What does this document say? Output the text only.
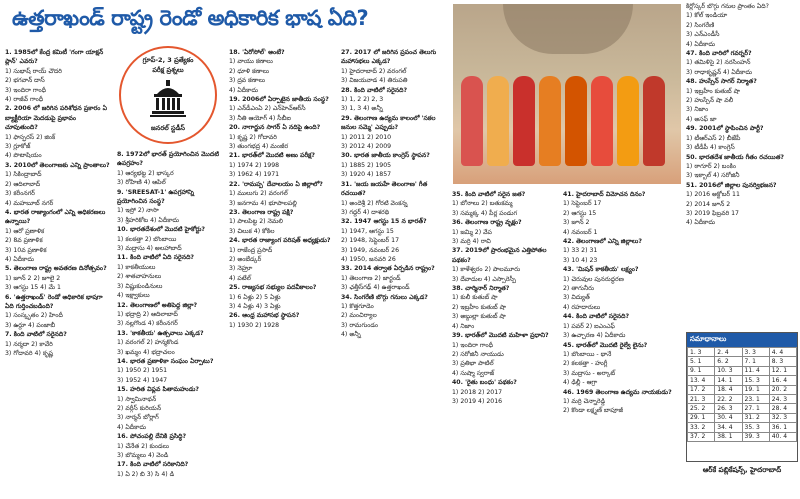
ఉత్తరాఖండ్ రాష్ట్ర రెండో అధికారిక భాష ఏది?

1. 1985లో కేంద్ర కమిటీ 'గంగా యాక్షన్ ప్లాన్' ఎవరు?

1) సుభాష్ రాయ్ చౌదరి

2) భగవాన్ దాస్

3) ఇందిరా గాంధీ

4) రాజీవ్ గాంధీ

2. 2006 లో జరిగిన పరిశోధన ప్రకారం ఏ బ్యాక్టీరియా మెదడుపై ప్రభావం చూపుతుంది?

1) ఫాస్ఫరస్ 2) జింక్

3) గ్లూకోజ్

4) పొటాషియం

3. 2010లో తెలంగాణకు ఎన్ని ప్రాంతాలు?

1) సికింద్రాబాద్

2) ఆదిలాబాద్

3) కరీంనగర్

4) మహబూబ్ నగర్

4. భారత రాజ్యాంగంలో ఎన్ని అధికరణలు ఉన్నాయి?

1) ఆరో ప్రణాళిక

2) 8వ ప్రణాళిక

3) 10వ ప్రణాళిక

4) ఏదీకాదు

5. తెలంగాణ రాష్ట్ర అవతరణ దినోత్సవం?

1) జూన్ 2 2) జూలై 2

3) ఆగస్టు 15 4) మే 1

6. 'ఉత్తరాఖండ్' రెండో అధికారిక భాషగా ఏది గుర్తించబడింది?

1) సంస్కృతం 2) హిందీ

3) ఉర్దూ 4) పంజాబీ

7. కింది వాటిలో సరైనది?

1) నర్మదా 2) కావేరి

3) గోదావరి 4) కృష్ణ

8. 1972లో భారత్ ప్రయోగించిన మొదటి ఉపగ్రహం?

1) ఆర్యభట్ట 2) భాస్కర

3) రోహిణి 4) ఆపిల్

9. 'SREESAT-1' ఉపగ్రహాన్ని ప్రయోగించిన సంస్థ?

1) ఇస్రో 2) నాసా

3) శ్రీహరికోట 4) ఏదీకాదు

10. భారతదేశంలో మొదటి హైకోర్టు?

1) కలకత్తా 2) బొంబాయి

3) మద్రాసు 4) అలహాబాద్

11. కింది వాటిలో ఏది సరైనది?

1) కాకతీయులు

2) శాతవాహనులు

3) విష్ణుకుండినులు

4) ఇక్ష్వాకులు

12. తెలంగాణలో అతిపెద్ద జిల్లా?

1) భద్రాద్రి 2) ఆదిలాబాద్

3) నల్లగొండ 4) కరీంనగర్

13. 'కాకతీయ' ఉత్సవాలు ఎక్కడ?

1) వరంగల్ 2) హన్మకొండ

3) ఖమ్మం 4) భద్రాచలం

14. భారత ప్రణాళికా సంఘం ఏర్పాటు?

1) 1950 2) 1951

3) 1952 4) 1947

15. హరిత విప్లవ పితామహుడు?

1) స్వామినాథన్

2) వర్గీస్ కురియన్

3) నార్మన్ బోర్లాగ్

4) ఏదీకాదు

16. పోచంపల్లి దేనికి ప్రసిద్ధి?

1) చేనేత 2) కుండలు

3) బొమ్మలు 4) వెండి

17. కింది వాటిలో సరికానిది?

1) ఏ 2) బి 3) సి 4) డి

18. 'ఏరోసోల్' అంటే?

1) వాయు కణాలు

2) ధూళి కణాలు

3) ద్రవ కణాలు

4) ఏదీకాదు

19. 2006లో ఏర్పాటైన జాతీయ సంస్థ?

1) ఎన్‌డీఎంఏ 2) ఎన్‌హెచ్‌ఆర్‌సీ

3) నీతి ఆయోగ్ 4) సీబీఐ

20. నాగార్జున సాగర్ ఏ నదిపై ఉంది?

1) కృష్ణ 2) గోదావరి

3) తుంగభద్ర 4) మంజీర

21. భారత్‌లో మొదటి అణు పరీక్ష?

1) 1974 2) 1998

3) 1962 4) 1971

22. 'రామప్ప' దేవాలయం ఏ జిల్లాలో?

1) ములుగు 2) వరంగల్

3) జనగామ 4) భూపాలపల్లి

23. తెలంగాణ రాష్ట్ర పక్షి?

1) పాలపిట్ట 2) నెమలి

3) చిలుక 4) కోకిల

24. భారత రాజ్యాంగ పరిషత్ అధ్యక్షుడు?

1) రాజేంద్ర ప్రసాద్

2) అంబేడ్కర్

3) నెహ్రూ

4) పటేల్

25. రాజ్యసభ సభ్యుల పదవీకాలం?

1) 6 ఏళ్లు 2) 5 ఏళ్లు

3) 4 ఏళ్లు 4) 3 ఏళ్లు

26. ఆంధ్ర మహాసభ స్థాపన?

1) 1930 2) 1928

27. 2017 లో జరిగిన ప్రపంచ తెలుగు మహాసభలు ఎక్కడ?

1) హైదరాబాద్ 2) వరంగల్

3) విజయవాడ 4) తిరుపతి

28. కింది వాటిలో సరైనది?

1) 1, 2 2) 2, 3

3) 1, 3 4) అన్నీ

29. తెలంగాణ ఉద్యమ కాలంలో 'సకల జనుల సమ్మె' ఎప్పుడు?

1) 2011 2) 2010

3) 2012 4) 2009

30. భారత జాతీయ కాంగ్రెస్ స్థాపన?

1) 1885 2) 1905

3) 1920 4) 1857

31. 'జయ జయహే తెలంగాణ' గీత రచయిత?

1) అందెశ్రీ 2) గోరటి వెంకన్న

3) గద్దర్ 4) దాశరథి

32. 1947 ఆగస్టు 15 న భారత్?

1) 1947, ఆగస్టు 15

2) 1948, సెప్టెంబర్ 17

3) 1949, నవంబర్ 26

4) 1950, జనవరి 26

33. 2014 తర్వాత ఏర్పడిన రాష్ట్రం?

1) తెలంగాణ 2) జార్ఖండ్

3) ఛత్తీస్‌గఢ్ 4) ఉత్తరాఖండ్

34. సింగరేణి బొగ్గు గనులు ఎక్కడ?

1) కొత్తగూడెం

2) మంచిర్యాల

3) రామగుండం

4) అన్నీ

35. కింది వాటిలో సరైన జత?

1) బోనాలు 2) బతుకమ్మ

3) సమ్మక్క 4) పీర్ల పండుగ

36. తెలంగాణ రాష్ట్ర వృక్షం?

1) జమ్మి 2) వేప

3) మర్రి 4) రావి

37. 2019లో ప్రారంభమైన ఎత్తిపోతల పథకం?

1) కాళేశ్వరం 2) పాలమూరు

3) దేవాదుల 4) ఎస్సారెస్పీ

38. చార్మినార్ నిర్మాత?

1) కులీ కుతుబ్ షా

2) ఇబ్రహీం కుతుబ్ షా

3) అబ్దుల్లా కుతుబ్ షా

4) నిజాం

39. భారత్‌లో మొదటి మహిళా ప్రధాని?

1) ఇందిరా గాంధీ

2) సరోజినీ నాయుడు

3) ప్రతిభా పాటిల్

4) సుష్మా స్వరాజ్

40. 'రైతు బంధు' పథకం?

1) 2018 2) 2017

3) 2019 4) 2016

41. హైదరాబాద్ విమోచన దినం?

1) సెప్టెంబర్ 17

2) ఆగస్టు 15

3) జూన్ 2

4) నవంబర్ 1

42. తెలంగాణలో ఎన్ని జిల్లాలు?

1) 33 2) 31

3) 10 4) 23

43. 'మిషన్ కాకతీయ' లక్ష్యం?

1) చెరువుల పునరుద్ధరణ

2) తాగునీరు

3) విద్యుత్

4) రహదారులు

44. కింది వాటిలో సరైనది?

1) పవర్ 2) ఐఎంఎఫ్

3) ఉచ్చారణ 4) ఏదీకాదు

45. భారత్‌లో మొదటి రైల్వే లైను?

1) బొంబాయి - థానే

2) కలకత్తా - హుగ్లీ

3) మద్రాసు - అర్కాట్

4) ఢిల్లీ - ఆగ్రా

46. 1969 తెలంగాణ ఉద్యమ నాయకుడు?

1) మర్రి చెన్నారెడ్డి

2) కొండా లక్ష్మణ్ బాపూజీ

కిర్లోస్కర్ బొగ్గు గనుల ప్రాంతం ఏది?

1) కోల్ ఇండియా

2) సింగరేణి

3) ఎన్‌ఎండీసీ

4) ఏదీకాదు

47. కింది వారిలో గవర్నర్?

1) తమిళిసై 2) నరసింహన్

3) రాధాకృష్ణన్ 4) ఏదీకాదు

48. హుస్సేన్ సాగర్ నిర్మాత?

1) ఇబ్రహీం కుతుబ్ షా

2) హుస్సేన్ షా వలీ

3) నిజాం

4) అసఫ్ జా

49. 2001లో స్థాపించిన పార్టీ?

1) టీఆర్ఎస్ 2) బీజేపీ

3) టీడీపీ 4) కాంగ్రెస్

50. భారతదేశ జాతీయ గీతం రచయిత?

1) ఠాగూర్ 2) బంకిం

3) ఇక్బాల్ 4) సరోజినీ

51. 2016లో జిల్లాల పునర్విభజన?

1) 2016 అక్టోబర్ 11

2) 2014 జూన్ 2

3) 2019 ఫిబ్రవరి 17

4) ఏదీకాదు

గ్రూప్-2, 3 ప్రత్యేకం
పరీక్ష ప్రశ్నలు
జనరల్ స్టడీస్
సమాధానాలు
1. 3	2. 4	3. 3	4. 4
5. 1	6. 2	7. 1	8. 3
9. 1	10. 3	11. 4	12. 1
13. 4	14. 1	15. 3	16. 4
17. 2	18. 4	19. 1	20. 2
21. 3	22. 2	23. 1	24. 3
25. 2	26. 3	27. 1	28. 4
29. 1	30. 4	31. 2	32. 3
33. 2	34. 4	35. 3	36. 1
37. 2	38. 1	39. 3	40. 4
ఆర్‌కే పబ్లికేషన్స్, హైదరాబాద్
